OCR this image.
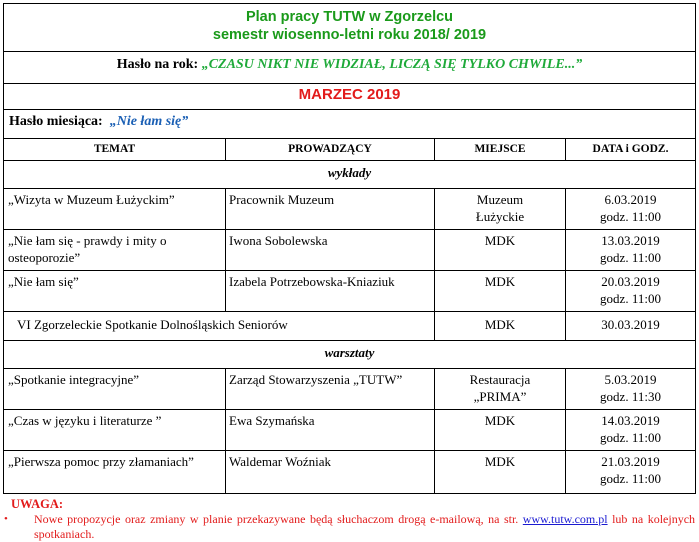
Plan pracy TUTW w Zgorzelcu
semestr wiosenno-letni roku 2018/ 2019			

Hasło na rok: „CZASU NIKT NIE WIDZIAŁ, LICZĄ SIĘ TYLKO CHWILE...”			
MARZEC 2019			
Hasło miesiąca: „Nie łam się”			
TEMAT	PROWADZĄCY	MIEJSCE	DATA i GODZ.
wykłady			
„Wizyta w Muzeum Łużyckim”	Pracownik Muzeum	Muzeum Łużyckie	6.03.2019
godz. 11:00

„Nie łam się - prawdy i mity o osteoporozie”	Iwona Sobolewska	MDK	13.03.2019
godz. 11:00

„Nie łam się”	Izabela Potrzebowska-Kniaziuk	MDK	20.03.2019
godz. 11:00

VI Zgorzeleckie Spotkanie Dolnośląskich Seniorów		MDK	30.03.2019
warsztaty			
„Spotkanie integracyjne”	Zarząd Stowarzyszenia „TUTW”	Restauracja „PRIMA”	5.03.2019
godz. 11:30

„Czas w języku i literaturze ”	Ewa Szymańska	MDK	14.03.2019
godz. 11:00

„Pierwsza pomoc przy złamaniach”	Waldemar Woźniak	MDK	21.03.2019
godz. 11:00
UWAGA:
•	Nowe propozycje oraz zmiany w planie przekazywane będą słuchaczom drogą e-mailową, na str. www.tutw.com.pl lub na kolejnych spotkaniach.
